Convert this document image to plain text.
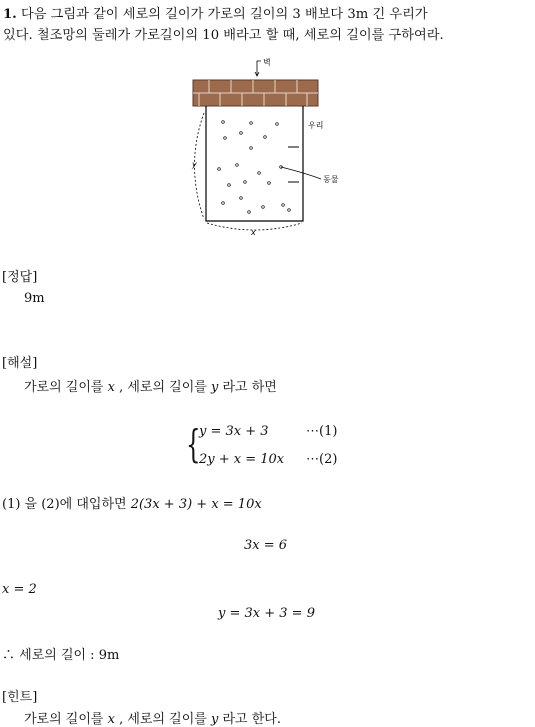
1. 다음 그림과 같이 세로의 길이가 가로의 길이의 3 배보다 3m 긴 우리가
있다. 철조망의 둘레가 가로길이의 10 배라고 할 때, 세로의 길이를 구하여라.
벽
우리
동물
y
x
[정답]
9m
[해설]
가로의 길이를 x , 세로의 길이를 y 라고 하면
{
y = 3x + 3	⋯(1)
2y + x = 10x ⋯(2)
(1) 을 (2)에 대입하면 2(3x + 3) + x = 10x
3x = 6
x = 2
y = 3x + 3 = 9
∴ 세로의 길이 : 9m
[힌트]
가로의 길이를 x , 세로의 길이를 y 라고 한다.
